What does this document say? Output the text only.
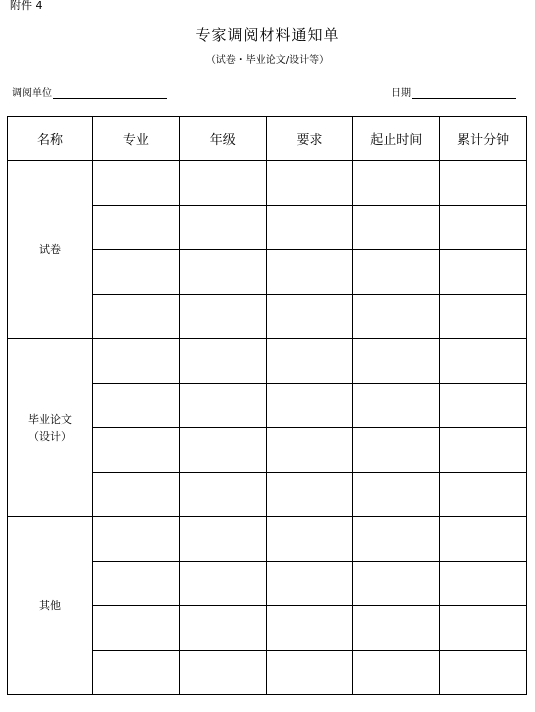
附件 4
专家调阅材料通知单
（试卷・毕业论文/设计等）
调阅单位	日期
名称	专业	年级	要求	起止时间	累计分钟

试卷					

毕业论文
（设计）					

其他					
